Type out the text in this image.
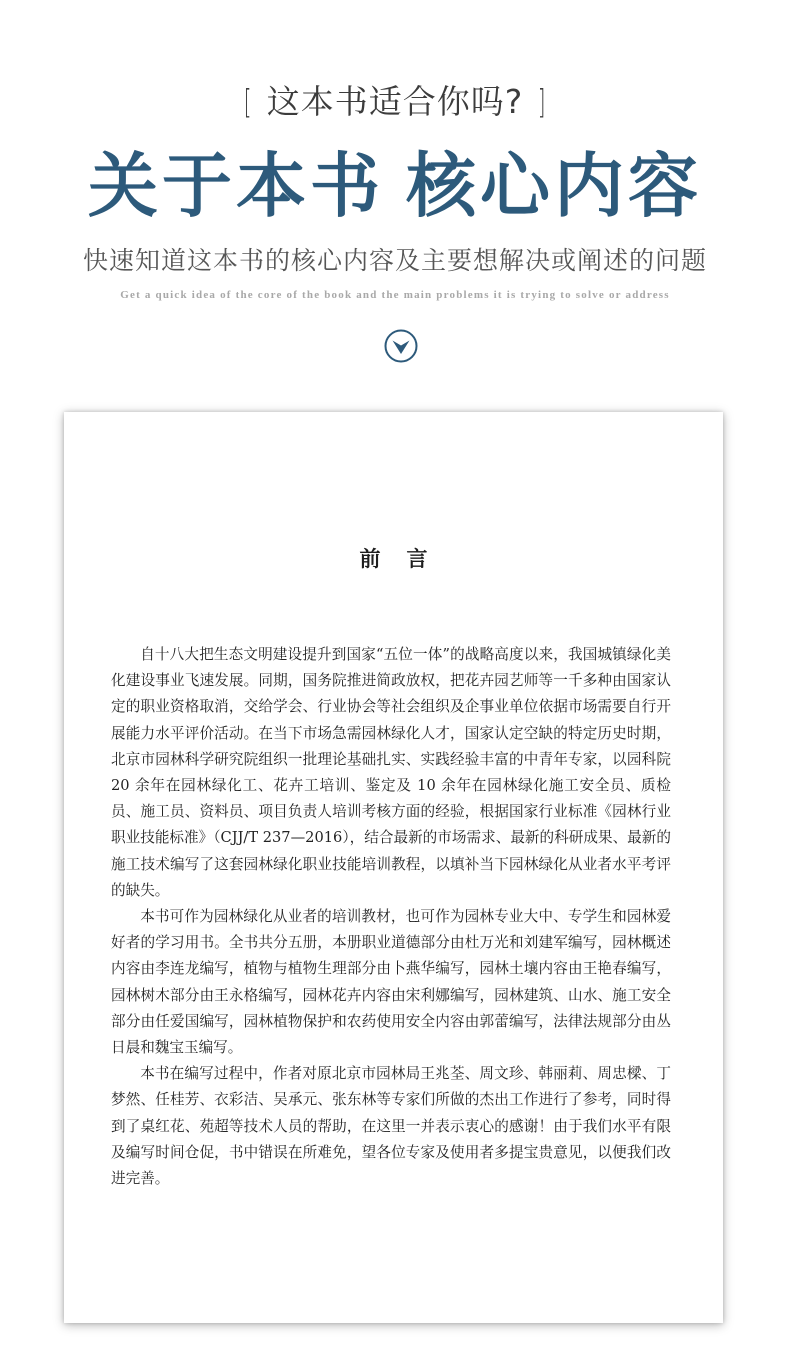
[ 这本书适合你吗? ]
关于本书 核心内容
快速知道这本书的核心内容及主要想解决或阐述的问题
Get a quick idea of the core of the book and the main problems it is trying to solve or address
前 言

自十八大把生态文明建设提升到国家“五位一体”的战略高度以来，我国城镇绿化美化建设事业飞速发展。同期，国务院推进简政放权，把花卉园艺师等一千多种由国家认定的职业资格取消，交给学会、行业协会等社会组织及企事业单位依据市场需要自行开展能力水平评价活动。在当下市场急需园林绿化人才，国家认定空缺的特定历史时期，北京市园林科学研究院组织一批理论基础扎实、实践经验丰富的中青年专家，以园科院 20 余年在园林绿化工、花卉工培训、鉴定及 10 余年在园林绿化施工安全员、质检员、施工员、资料员、项目负责人培训考核方面的经验，根据国家行业标准《园林行业职业技能标准》（CJJ/T 237—2016），结合最新的市场需求、最新的科研成果、最新的施工技术编写了这套园林绿化职业技能培训教程，以填补当下园林绿化从业者水平考评的缺失。

本书可作为园林绿化从业者的培训教材，也可作为园林专业大中、专学生和园林爱好者的学习用书。全书共分五册，本册职业道德部分由杜万光和刘建军编写，园林概述内容由李连龙编写，植物与植物生理部分由卜燕华编写，园林土壤内容由王艳春编写，园林树木部分由王永格编写，园林花卉内容由宋利娜编写，园林建筑、山水、施工安全部分由任爱国编写，园林植物保护和农药使用安全内容由郭蕾编写，法律法规部分由丛日晨和魏宝玉编写。

本书在编写过程中，作者对原北京市园林局王兆荃、周文珍、韩丽莉、周忠樑、丁梦然、任桂芳、衣彩洁、吴承元、张东林等专家们所做的杰出工作进行了参考，同时得到了桌红花、苑超等技术人员的帮助，在这里一并表示衷心的感谢！由于我们水平有限及编写时间仓促，书中错误在所难免，望各位专家及使用者多提宝贵意见，以便我们改进完善。
